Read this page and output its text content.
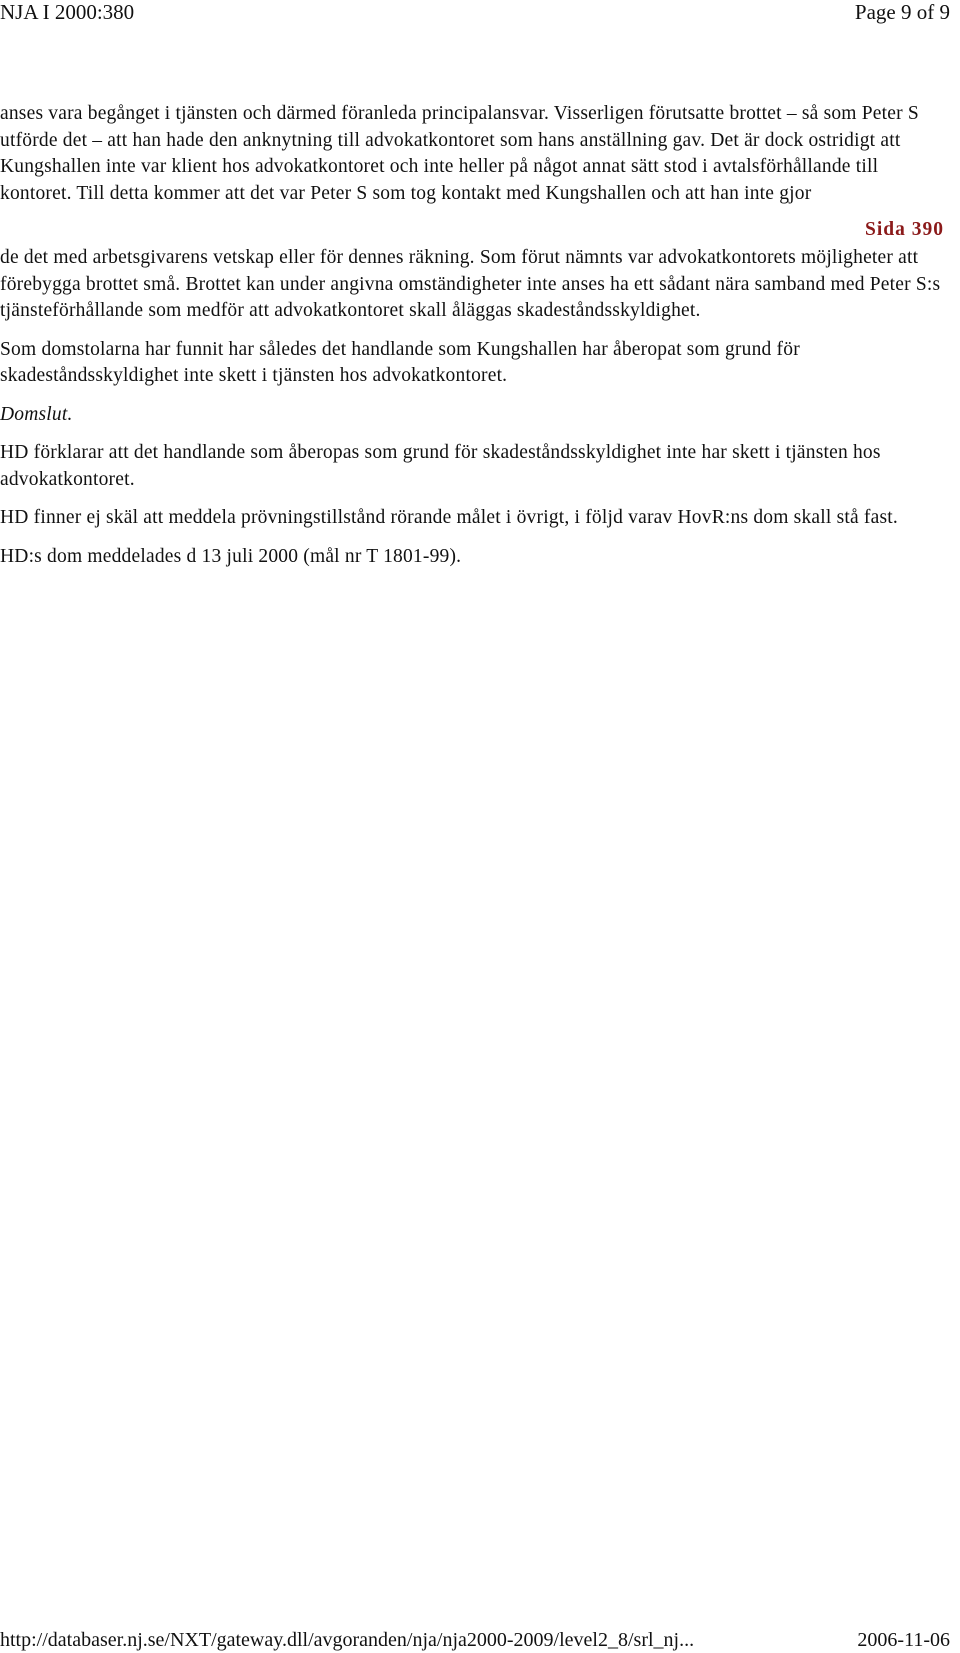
NJA I 2000:380	Page 9 of 9

anses vara begånget i tjänsten och därmed föranleda principalansvar. Visserligen förutsatte brottet – så som Peter S utförde det – att han hade den anknytning till advokatkontoret som hans anställning gav. Det är dock ostridigt att Kungshallen inte var klient hos advokatkontoret och inte heller på något annat sätt stod i avtalsförhållande till kontoret. Till detta kommer att det var Peter S som tog kontakt med Kungshallen och att han inte gjor

Sida 390

de det med arbetsgivarens vetskap eller för dennes räkning. Som förut nämnts var advokatkontorets möjligheter att förebygga brottet små. Brottet kan under angivna omständigheter inte anses ha ett sådant nära samband med Peter S:s tjänsteförhållande som medför att advokatkontoret skall åläggas skadeståndsskyldighet.

Som domstolarna har funnit har således det handlande som Kungshallen har åberopat som grund för skadeståndsskyldighet inte skett i tjänsten hos advokatkontoret.

Domslut.

HD förklarar att det handlande som åberopas som grund för skadeståndsskyldighet inte har skett i tjänsten hos advokatkontoret.

HD finner ej skäl att meddela prövningstillstånd rörande målet i övrigt, i följd varav HovR:ns dom skall stå fast.

HD:s dom meddelades d 13 juli 2000 (mål nr T 1801-99).

http://databaser.nj.se/NXT/gateway.dll/avgoranden/nja/nja2000-2009/level2_8/srl_nj...	2006-11-06
